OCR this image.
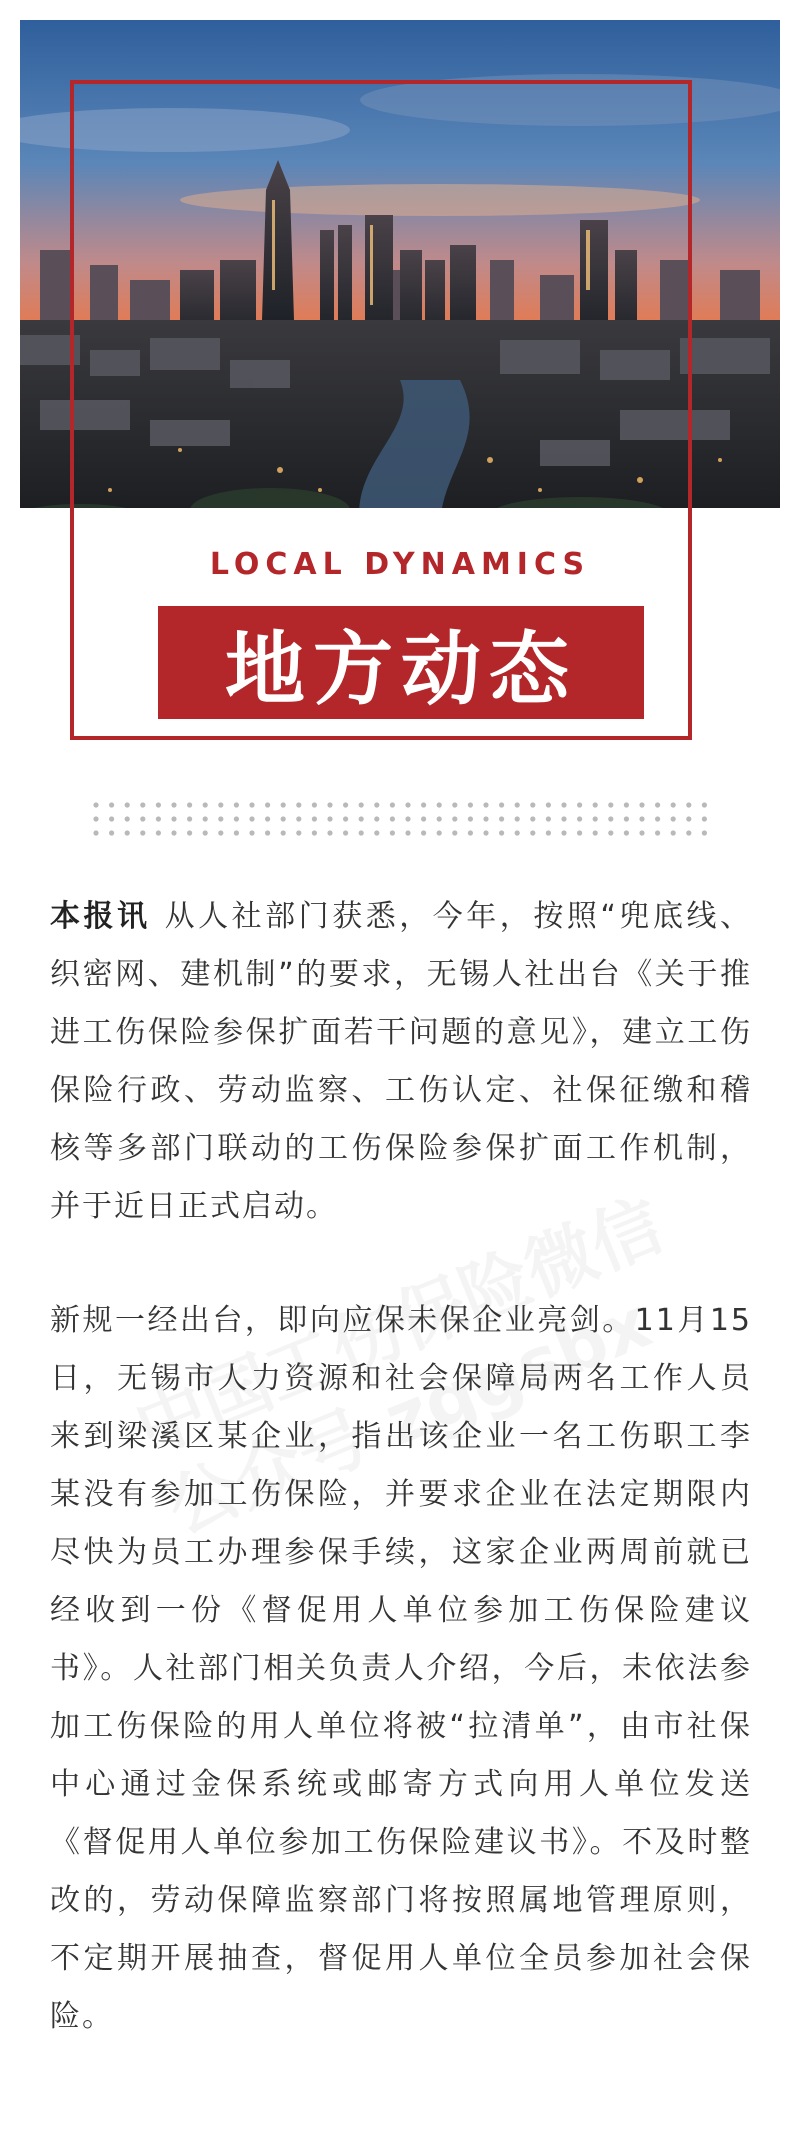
LOCAL DYNAMICS
地方动态

本报讯 从人社部门获悉，今年，按照“兜底线、织密网、建机制”的要求，无锡人社出台《关于推进工伤保险参保扩面若干问题的意见》，建立工伤保险行政、劳动监察、工伤认定、社保征缴和稽核等多部门联动的工伤保险参保扩面工作机制，并于近日正式启动。

新规一经出台，即向应保未保企业亮剑。11月15日，无锡市人力资源和社会保障局两名工作人员来到梁溪区某企业，指出该企业一名工伤职工李某没有参加工伤保险，并要求企业在法定期限内尽快为员工办理参保手续，这家企业两周前就已经收到一份《督促用人单位参加工伤保险建议书》。人社部门相关负责人介绍，今后，未依法参加工伤保险的用人单位将被“拉清单”，由市社保中心通过金保系统或邮寄方式向用人单位发送《督促用人单位参加工伤保险建议书》。不及时整改的，劳动保障监察部门将按照属地管理原则，不定期开展抽查，督促用人单位全员参加社会保险。
